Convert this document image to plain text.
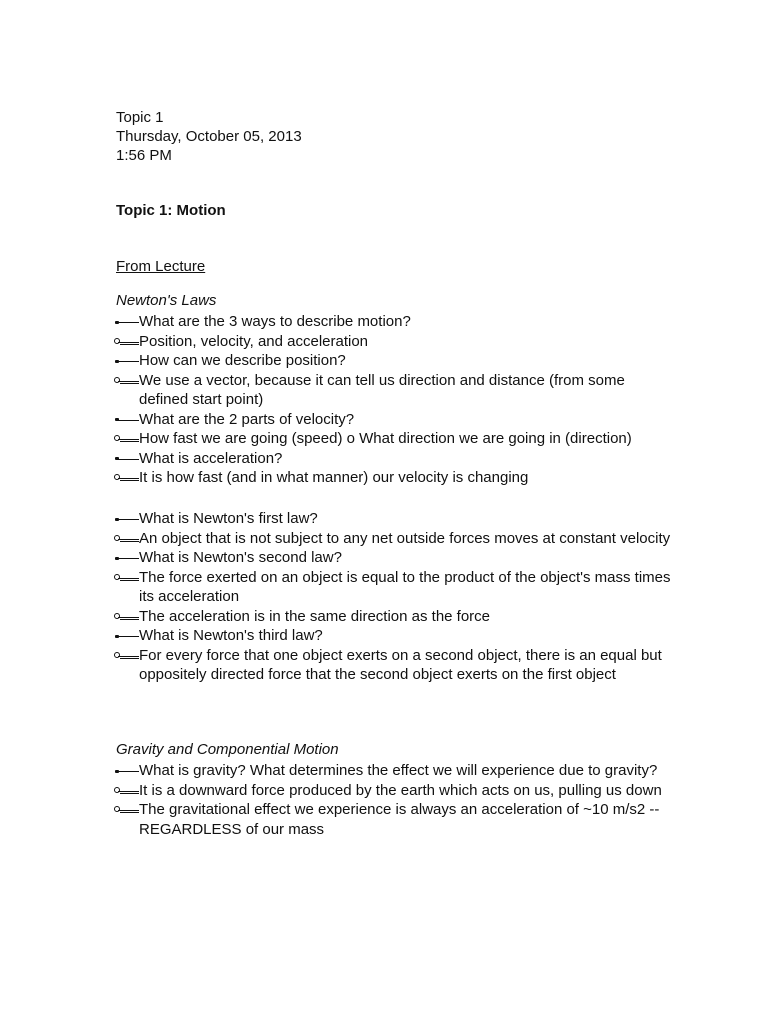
Topic 1
Thursday, October 05, 2013
1:56 PM
Topic 1: Motion
From Lecture
Newton's Laws
What are the 3 ways to describe motion?
Position, velocity, and acceleration
How can we describe position?
We use a vector, because it can tell us direction and distance (from some defined start point)
What are the 2 parts of velocity?
How fast we are going (speed) o What direction we are going in (direction)
What is acceleration?
It is how fast (and in what manner) our velocity is changing
What is Newton's first law?
An object that is not subject to any net outside forces moves at constant velocity
What is Newton's second law?
The force exerted on an object is equal to the product of the object's mass times its acceleration
The acceleration is in the same direction as the force
What is Newton's third law?
For every force that one object exerts on a second object, there is an equal but oppositely directed force that the second object exerts on the first object
Gravity and Componential Motion
What is gravity? What determines the effect we will experience due to gravity?
It is a downward force produced by the earth which acts on us, pulling us down
The gravitational effect we experience is always an acceleration of ~10 m/s2 -- REGARDLESS of our mass
